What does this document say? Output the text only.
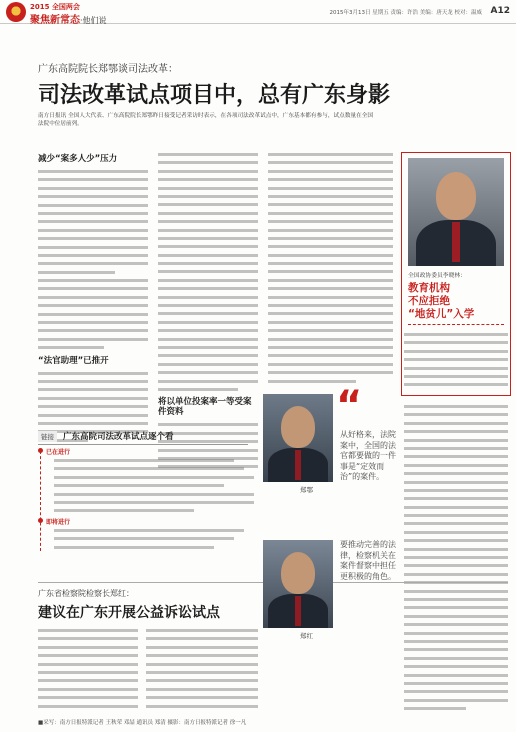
2015 全国两会
聚焦新常态·他们说
2015年3月13日 星期五 责编：许浩 美编：唐天龙 校对：温威 A12
广东高院院长郑鄂谈司法改革：
司法改革试点项目中，总有广东身影
南方日报讯 全国人大代表、广东高院院长郑鄂昨日接受记者采访时表示，在各项司法改革试点中，广东基本都有参与，试点数量在全国法院中位居前列。
减少“案多人少”压力
“法官助理”已推开
将以单位投案率一等受案件资料
全国政协委员李晓林：
教育机构
不应拒绝
“地贫儿”入学
郑鄂
“
从好格来，法院案中，全国的法官都要做的一件事是“定效而治”的案件。
链接	广东高院司法改革试点逐个看
已在进行
即将进行
广东省检察院检察长郑红：
建议在广东开展公益诉讼试点
郑红
要推动完善的法律，检察机关在案件督察中担任更积极的角色。
■采写：南方日报特派记者 王秋荣 邓喆 通讯员 郑清 摄影：南方日报特派记者 徐一凡
